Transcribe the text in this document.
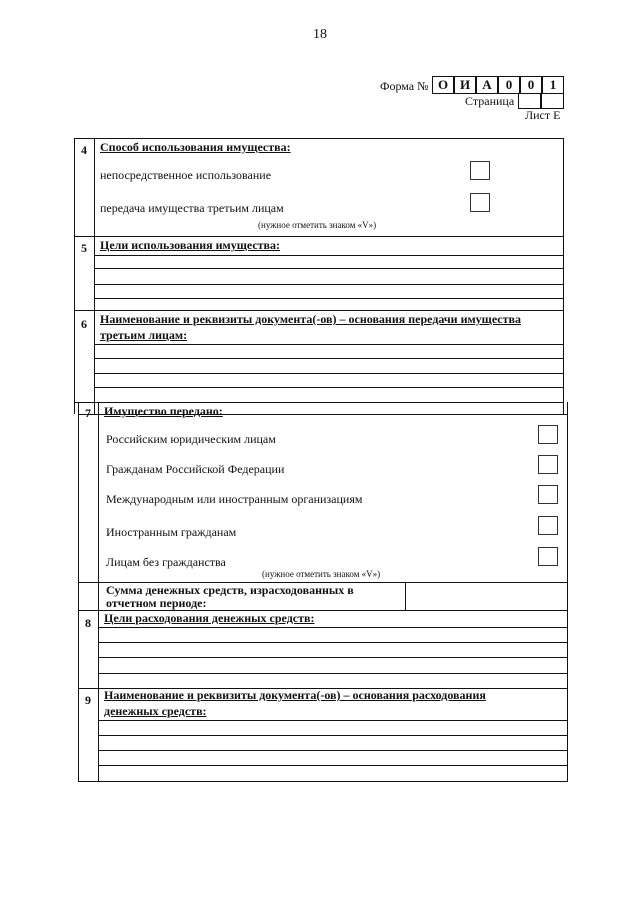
18
Форма № О И А	0	0	1
Страница
Лист Е
4	Способ использования имущества:
непосредственное использование
передача имущества третьим лицам
(нужное отметить знаком «V»)
5	Цели использования имущества:
6	Наименование и реквизиты документа(-ов) – основания передачи имущества
третьим лицам:
7	Имущество передано:
Российским юридическим лицам
Гражданам Российской Федерации
Международным или иностранным организациям
Иностранным гражданам
Лицам без гражданства
(нужное отметить знаком «V»)
Сумма денежных средств, израсходованных в
отчетном периоде:
8	Цели расходования денежных средств:
9	Наименование и реквизиты документа(-ов) – основания расходования
денежных средств:
